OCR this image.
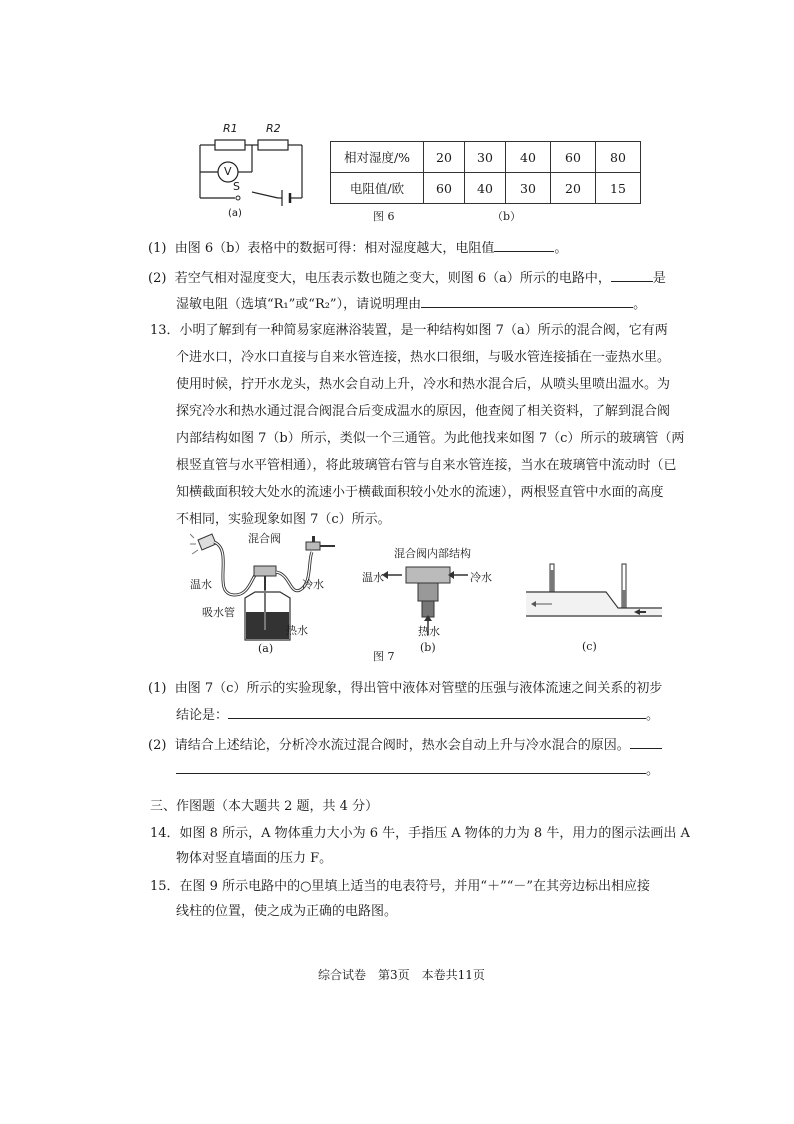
R1	R2
V
S
(a)
相对湿度/%	20	30	40	60	80
电阻值/欧	60	40	30	20	15
图 6	（b）
(1) 由图 6（b）表格中的数据可得：相对湿度越大，电阻值	。
(2) 若空气相对湿度变大，电压表示数也随之变大，则图 6（a）所示的电路中，	是
湿敏电阻（选填“R₁”或“R₂”），请说明理由	。
13．小明了解到有一种简易家庭淋浴装置，是一种结构如图 7（a）所示的混合阀，它有两
个进水口，冷水口直接与自来水管连接，热水口很细，与吸水管连接插在一壶热水里。
使用时候，拧开水龙头，热水会自动上升，冷水和热水混合后，从喷头里喷出温水。为
探究冷水和热水通过混合阀混合后变成温水的原因，他查阅了相关资料，了解到混合阀
内部结构如图 7（b）所示，类似一个三通管。为此他找来如图 7（c）所示的玻璃管（两
根竖直管与水平管相通），将此玻璃管右管与自来水管连接，当水在玻璃管中流动时（已
知横截面积较大处水的流速小于横截面积较小处水的流速），两根竖直管中水面的高度
不相同，实验现象如图 7（c）所示。
混合阀
温水	冷水
吸水管
热水
(a)
混合阀内部结构
温水	冷水
热水
(b)	(c)
图 7
(1) 由图 7（c）所示的实验现象，得出管中液体对管壁的压强与液体流速之间关系的初步
结论是：	。
(2) 请结合上述结论，分析冷水流过混合阀时，热水会自动上升与冷水混合的原因。
。
三、作图题（本大题共 2 题，共 4 分）
14．如图 8 所示，A 物体重力大小为 6 牛，手指压 A 物体的力为 8 牛，用力的图示法画出 A
物体对竖直墙面的压力 F。
15．在图 9 所示电路中的○里填上适当的电表符号，并用“＋”“－”在其旁边标出相应接
线柱的位置，使之成为正确的电路图。
综合试卷　第3页　本卷共11页
